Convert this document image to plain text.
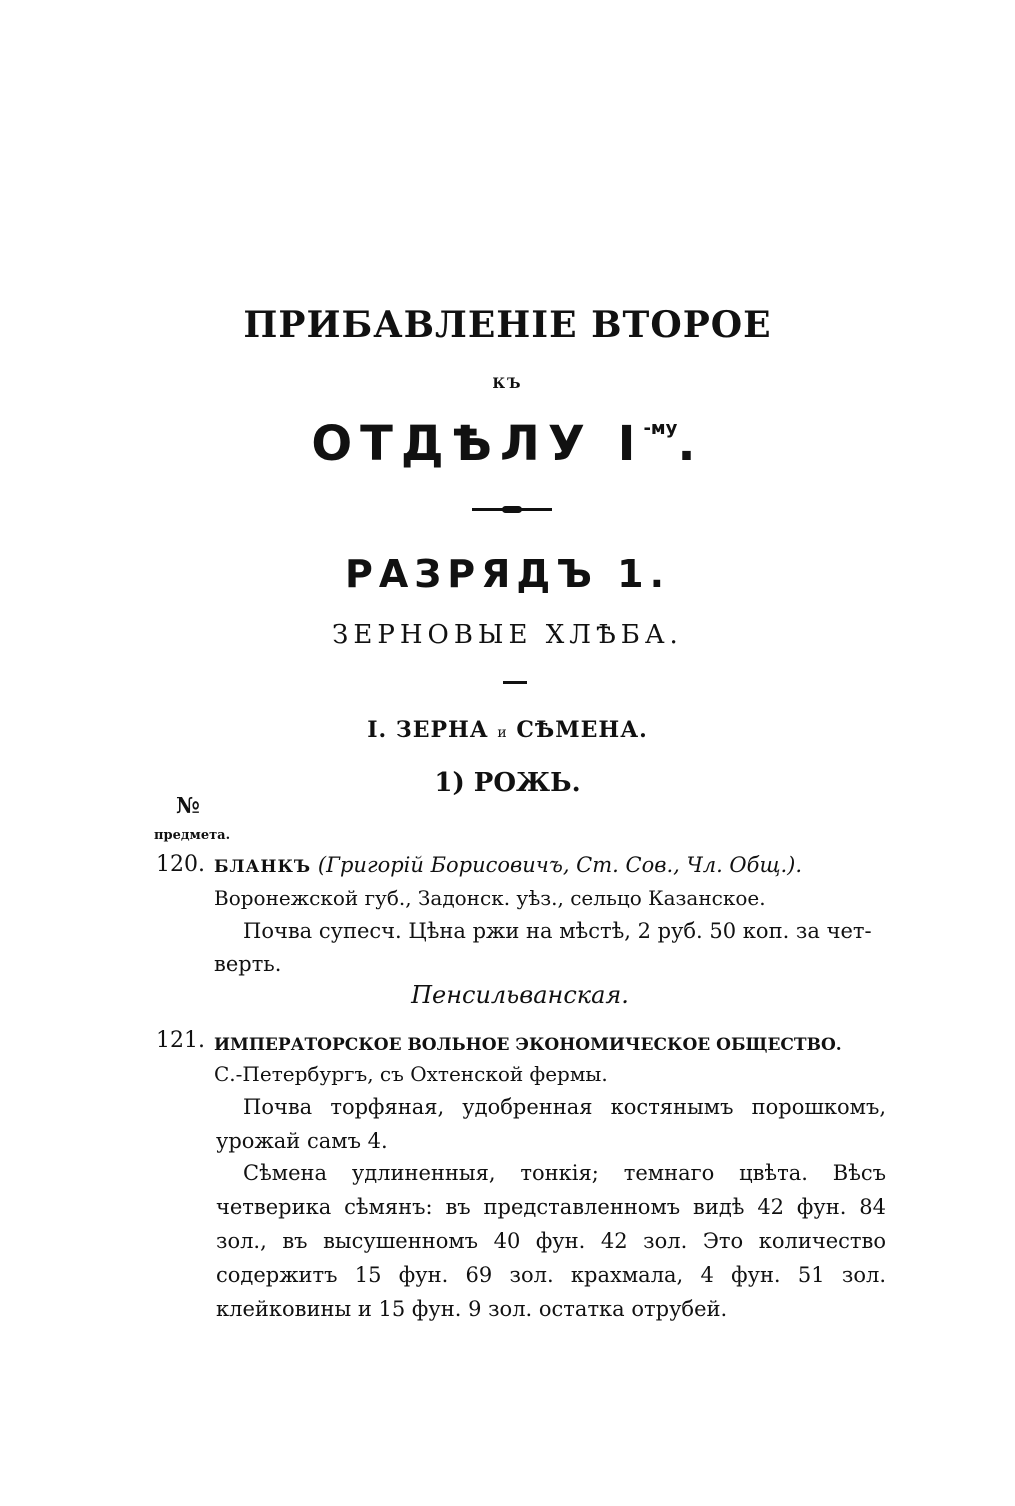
ПРИБАВЛЕНІЕ ВТОРОЕ
КЪ
ОТДѢЛУ $І^{-му}$.
РАЗРЯДЪ 1.
ЗЕРНОВЫЕ ХЛѢБА.
I. ЗЕРНА и СѢМЕНА.
1) РОЖЬ.
№
предмета.
120. БЛАНКЪ (Григорій Борисовичъ, Ст. Сов., Чл. Общ.).
Воронежской губ., Задонск. уѣз., сельцо Казанское.
Почва супесч. Цѣна ржи на мѣстѣ, 2 руб. 50 коп. за чет-
верть.
Пенсильванская.
121. ИМПЕРАТОРСКОЕ ВОЛЬНОЕ ЭКОНОМИЧЕСКОЕ ОБЩЕСТВО.
С.-Петербургъ, съ Охтенской фермы.
Почва торфяная, удобренная костянымъ порошкомъ, урожай самъ 4.
Сѣмена удлиненныя, тонкія; темнаго цвѣта. Вѣсъ четверика сѣмянъ: въ представленномъ видѣ 42 фун. 84 зол., въ высушенномъ 40 фун. 42 зол. Это количество содержитъ 15 фун. 69 зол. крахмала, 4 фун. 51 зол. клейковины и 15 фун. 9 зол. остатка отрубей.
